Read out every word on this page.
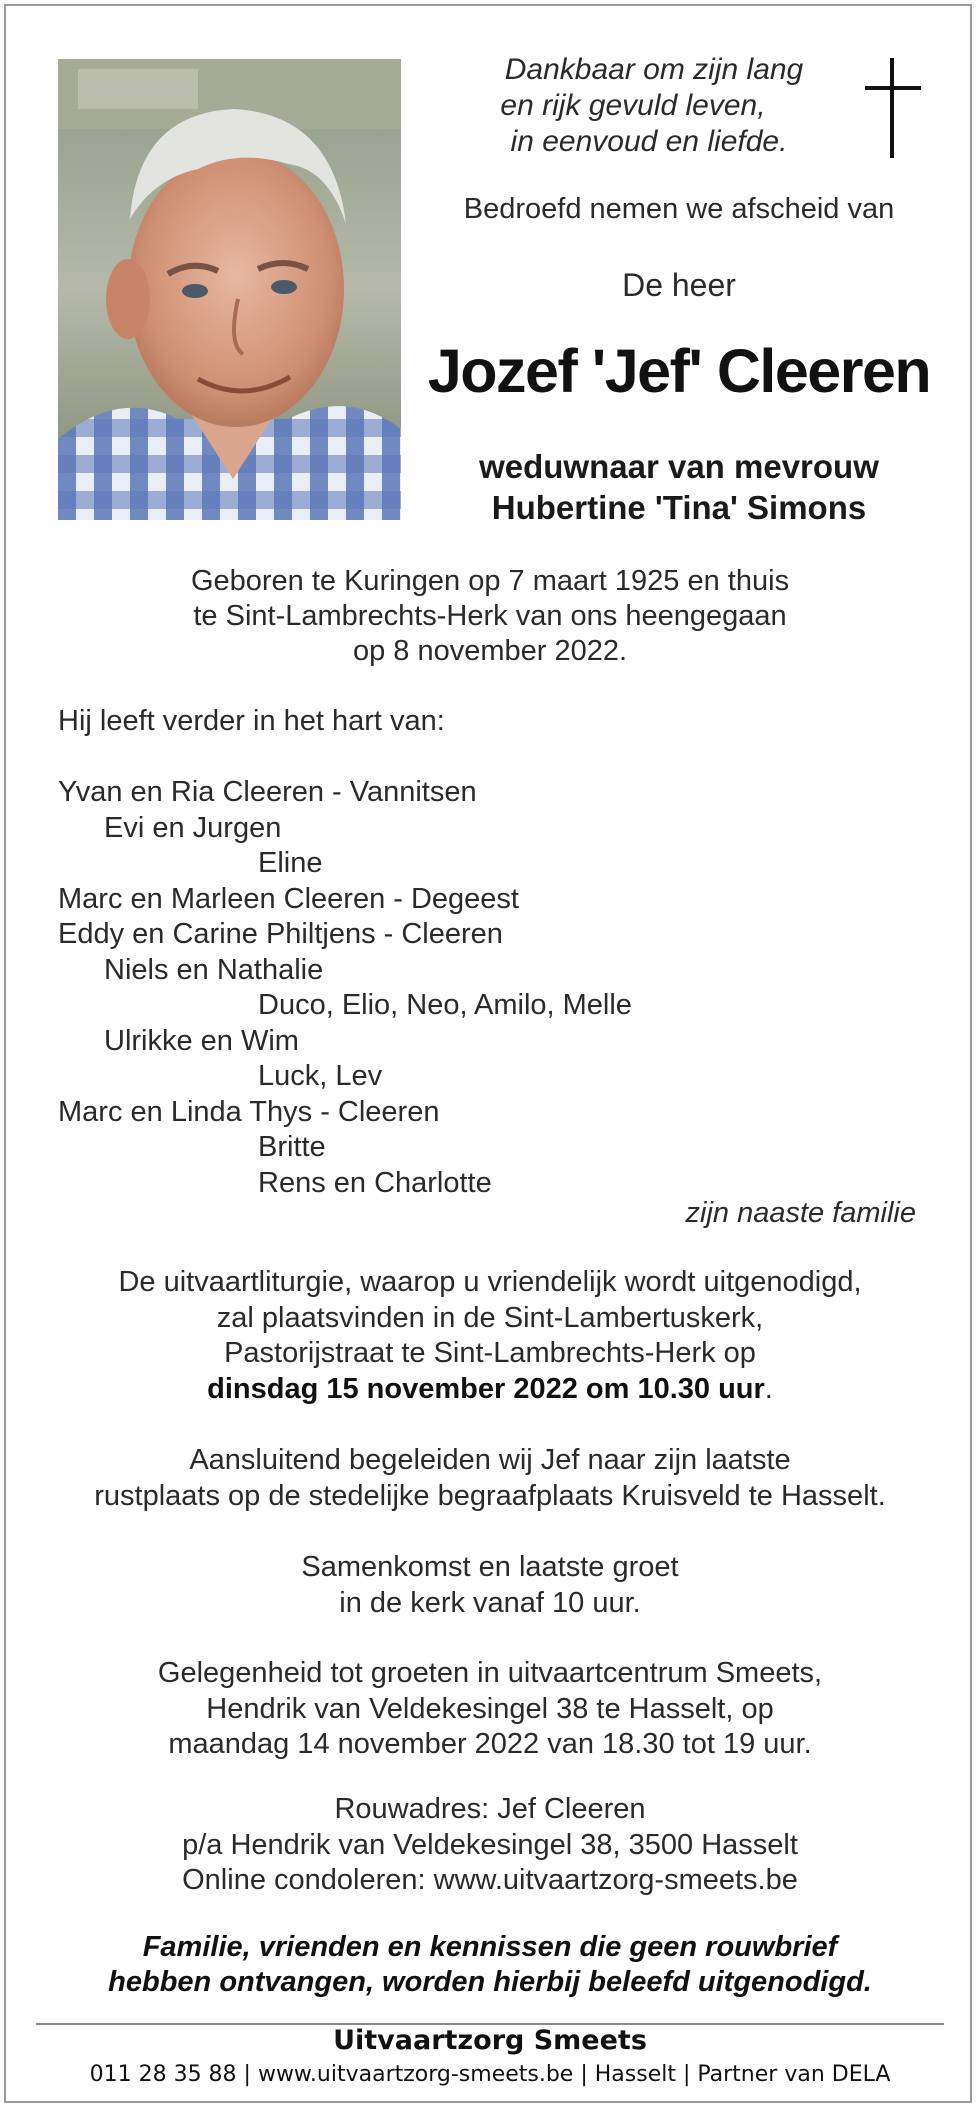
Dankbaar om zijn lang
en rijk gevuld leven,
in eenvoud en liefde.
Bedroefd nemen we afscheid van
De heer
Jozef 'Jef' Cleeren
weduwnaar van mevrouw
Hubertine 'Tina' Simons
Geboren te Kuringen op 7 maart 1925 en thuis
te Sint-Lambrechts-Herk van ons heengegaan
op 8 november 2022.
Hij leeft verder in het hart van:
Yvan en Ria Cleeren - Vannitsen
Evi en Jurgen
Eline
Marc en Marleen Cleeren - Degeest
Eddy en Carine Philtjens - Cleeren
Niels en Nathalie
Duco, Elio, Neo, Amilo, Melle
Ulrikke en Wim
Luck, Lev
Marc en Linda Thys - Cleeren
Britte
Rens en Charlotte
zijn naaste familie
De uitvaartliturgie, waarop u vriendelijk wordt uitgenodigd,
zal plaatsvinden in de Sint-Lambertuskerk,
Pastorijstraat te Sint-Lambrechts-Herk op
dinsdag 15 november 2022 om 10.30 uur.
Aansluitend begeleiden wij Jef naar zijn laatste
rustplaats op de stedelijke begraafplaats Kruisveld te Hasselt.
Samenkomst en laatste groet
in de kerk vanaf 10 uur.
Gelegenheid tot groeten in uitvaartcentrum Smeets,
Hendrik van Veldekesingel 38 te Hasselt, op
maandag 14 november 2022 van 18.30 tot 19 uur.
Rouwadres: Jef Cleeren
p/a Hendrik van Veldekesingel 38, 3500 Hasselt
Online condoleren: www.uitvaartzorg-smeets.be
Familie, vrienden en kennissen die geen rouwbrief
hebben ontvangen, worden hierbij beleefd uitgenodigd.
Uitvaartzorg Smeets
011 28 35 88 | www.uitvaartzorg-smeets.be | Hasselt | Partner van DELA
